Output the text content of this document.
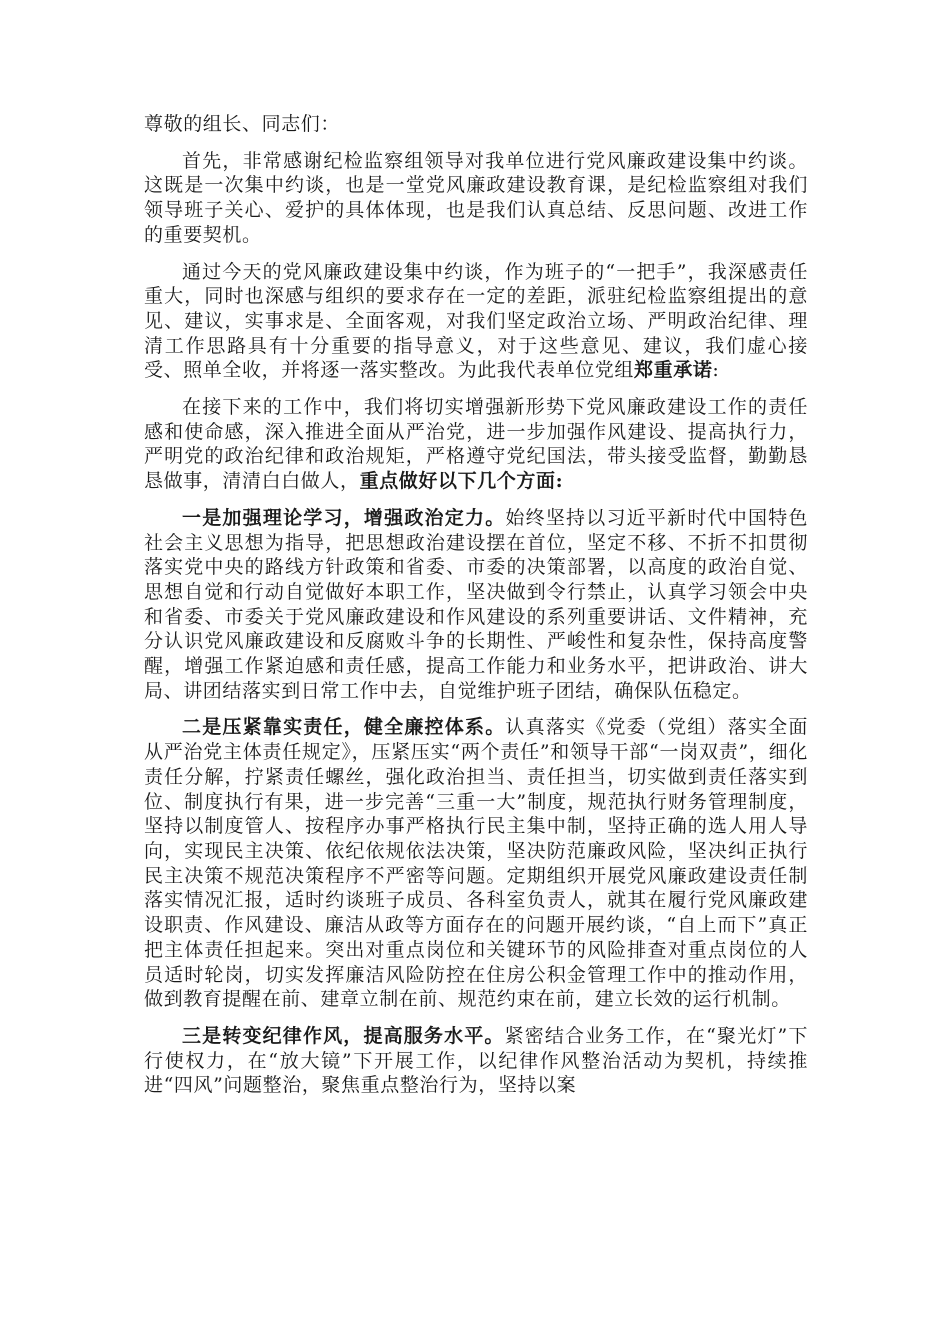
尊敬的组长、同志们：

首先，非常感谢纪检监察组领导对我单位进行党风廉政建设集中约谈。这既是一次集中约谈，也是一堂党风廉政建设教育课，是纪检监察组对我们领导班子关心、爱护的具体体现，也是我们认真总结、反思问题、改进工作的重要契机。

通过今天的党风廉政建设集中约谈，作为班子的“一把手”，我深感责任重大，同时也深感与组织的要求存在一定的差距，派驻纪检监察组提出的意见、建议，实事求是、全面客观，对我们坚定政治立场、严明政治纪律、理清工作思路具有十分重要的指导意义，对于这些意见、建议，我们虚心接受、照单全收，并将逐一落实整改。为此我代表单位党组郑重承诺:

在接下来的工作中，我们将切实增强新形势下党风廉政建设工作的责任感和使命感，深入推进全面从严治党，进一步加强作风建设、提高执行力，严明党的政治纪律和政治规矩，严格遵守党纪国法，带头接受监督，勤勤恳恳做事，清清白白做人，重点做好以下几个方面:

一是加强理论学习，增强政治定力。始终坚持以习近平新时代中国特色社会主义思想为指导，把思想政治建设摆在首位，坚定不移、不折不扣贯彻落实党中央的路线方针政策和省委、市委的决策部署，以高度的政治自觉、思想自觉和行动自觉做好本职工作，坚决做到令行禁止，认真学习领会中央和省委、市委关于党风廉政建设和作风建设的系列重要讲话、文件精神，充分认识党风廉政建设和反腐败斗争的长期性、严峻性和复杂性，保持高度警醒，增强工作紧迫感和责任感，提高工作能力和业务水平，把讲政治、讲大局、讲团结落实到日常工作中去，自觉维护班子团结，确保队伍稳定。

二是压紧靠实责任，健全廉控体系。认真落实《党委（党组）落实全面从严治党主体责任规定》，压紧压实“两个责任”和领导干部“一岗双责”，细化责任分解，拧紧责任螺丝，强化政治担当、责任担当，切实做到责任落实到位、制度执行有果，进一步完善“三重一大”制度，规范执行财务管理制度，坚持以制度管人、按程序办事严格执行民主集中制，坚持正确的选人用人导向，实现民主决策、依纪依规依法决策，坚决防范廉政风险，坚决纠正执行民主决策不规范决策程序不严密等问题。定期组织开展党风廉政建设责任制落实情况汇报，适时约谈班子成员、各科室负责人，就其在履行党风廉政建设职责、作风建设、廉洁从政等方面存在的问题开展约谈，“自上而下”真正把主体责任担起来。突出对重点岗位和关键环节的风险排查对重点岗位的人员适时轮岗，切实发挥廉洁风险防控在住房公积金管理工作中的推动作用，做到教育提醒在前、建章立制在前、规范约束在前，建立长效的运行机制。

三是转变纪律作风，提高服务水平。紧密结合业务工作，在“聚光灯”下行使权力，在“放大镜”下开展工作，以纪律作风整治活动为契机，持续推进“四风”问题整治，聚焦重点整治行为，坚持以案
